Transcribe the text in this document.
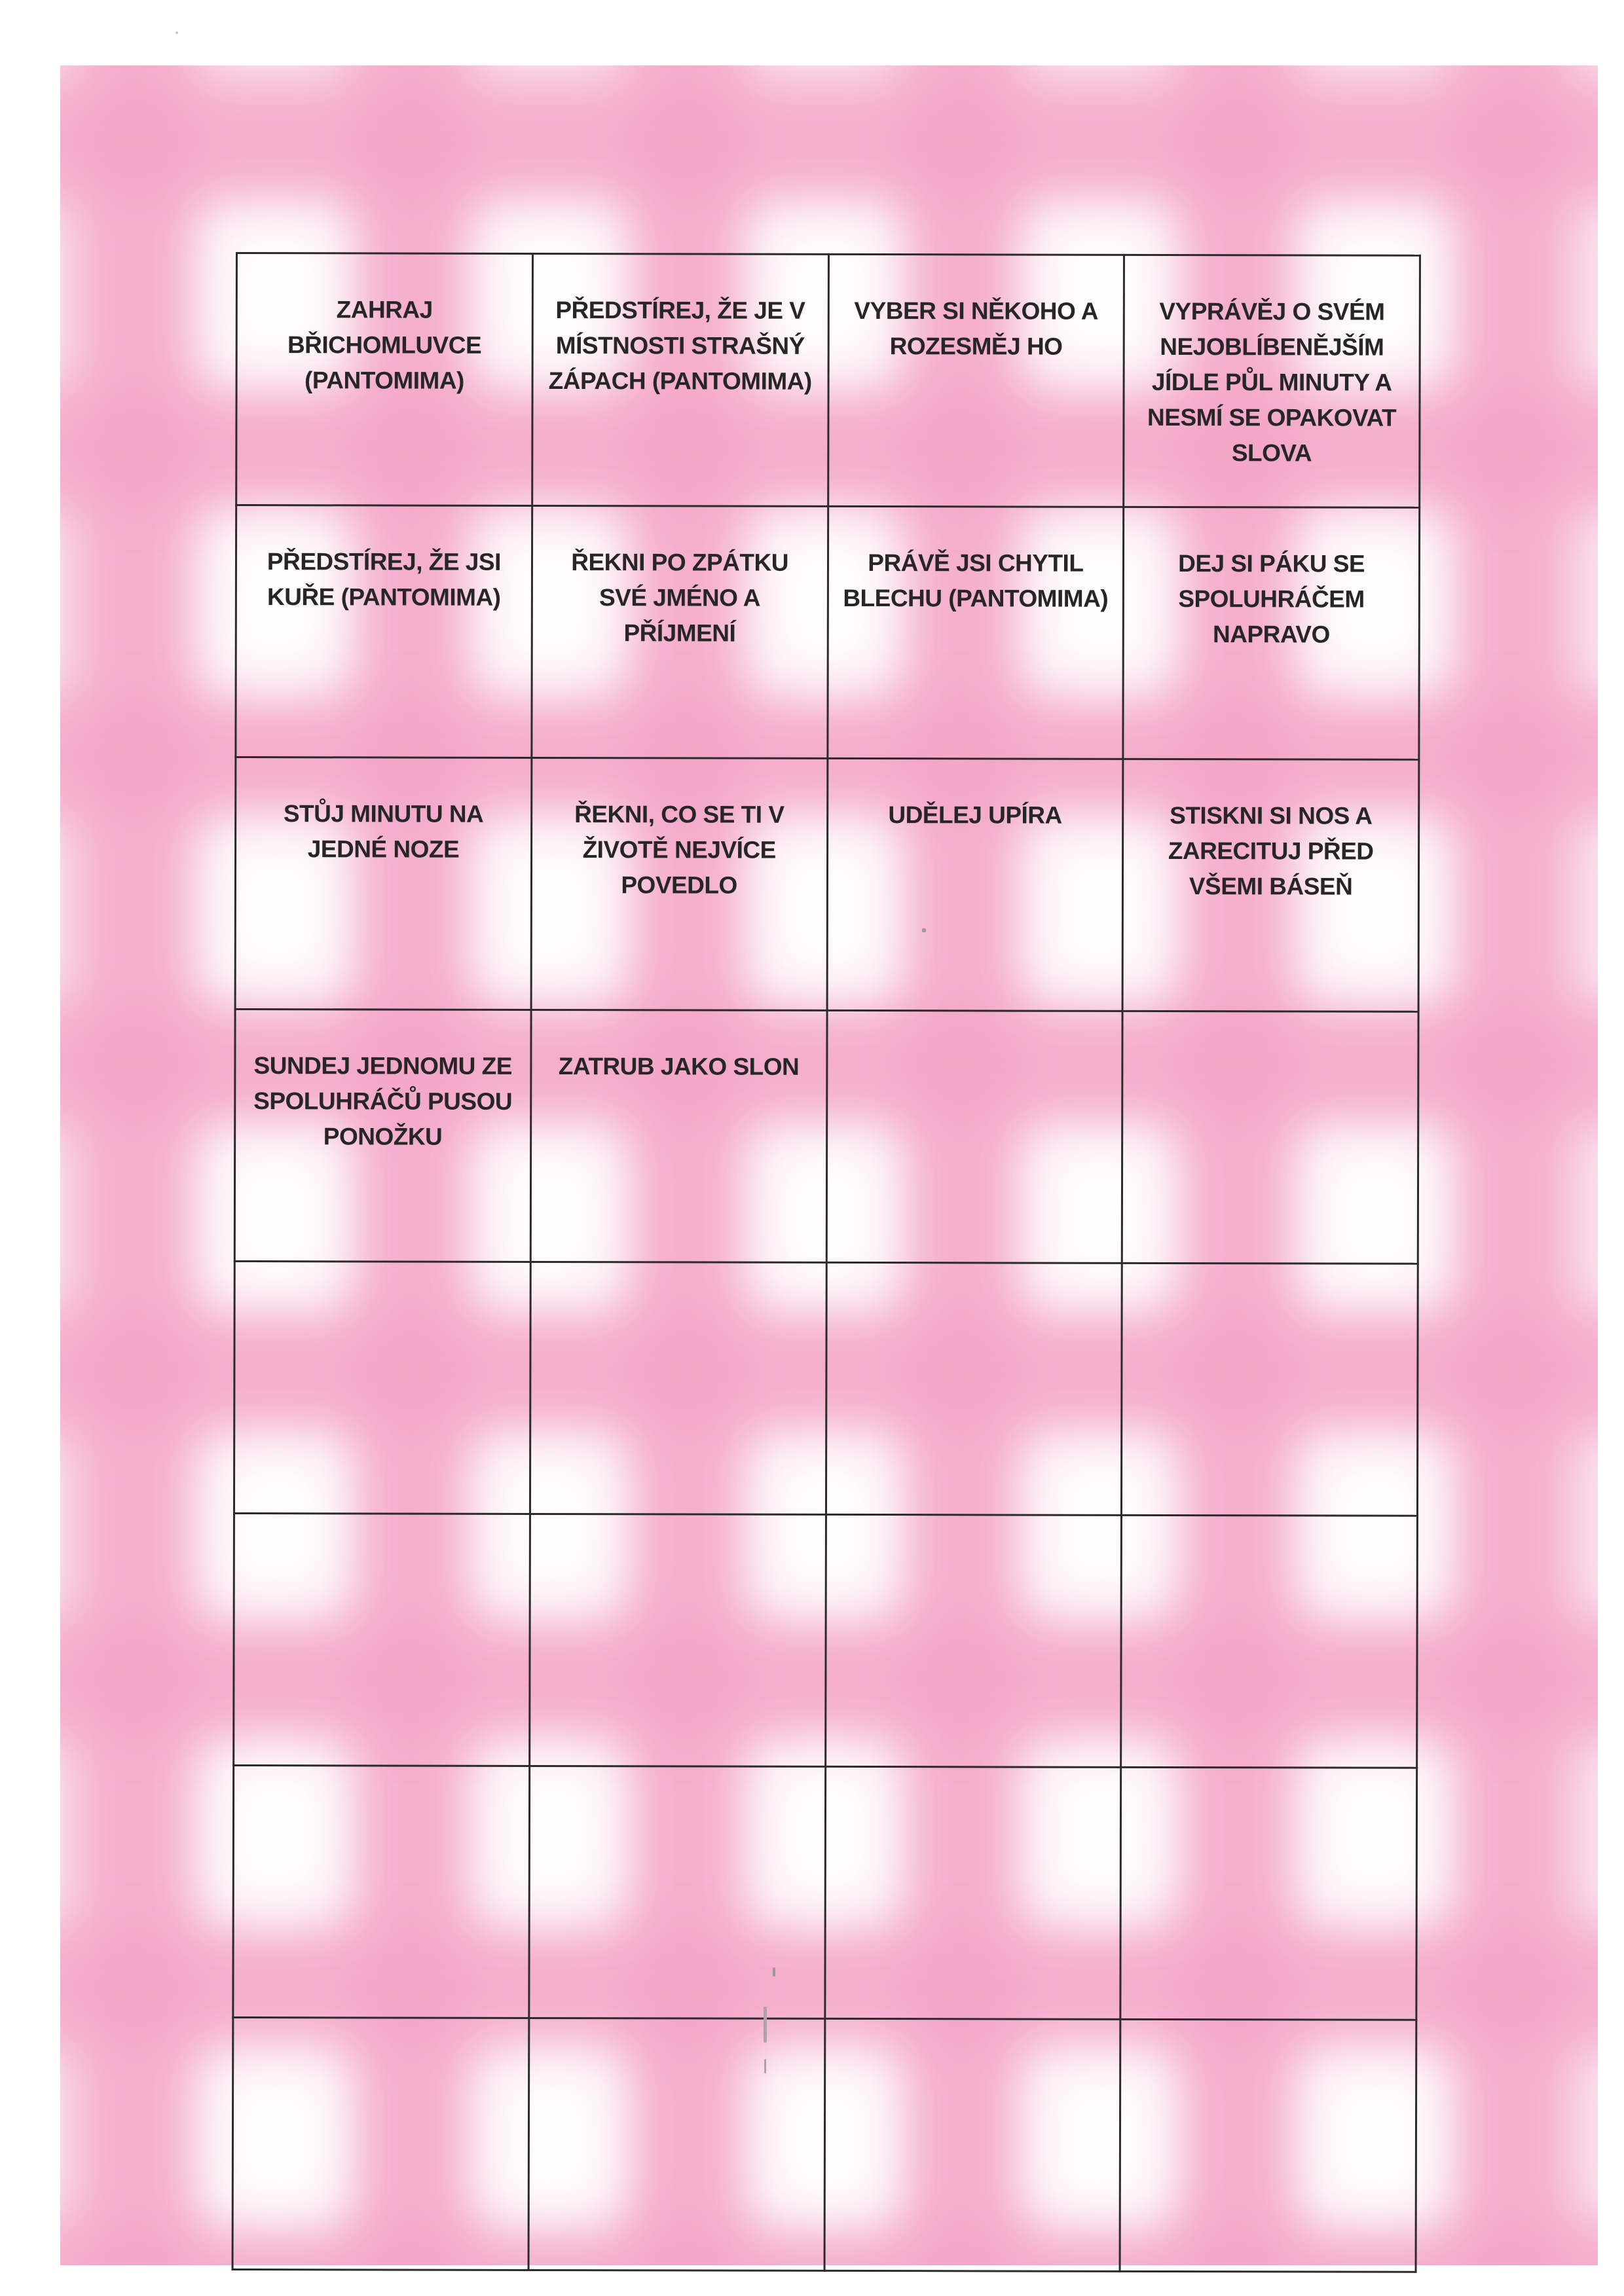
ZAHRAJ BŘICHOMLUVCE (PANTOMIMA)	PŘEDSTÍREJ, ŽE JE V MÍSTNOSTI STRAŠNÝ ZÁPACH (PANTOMIMA)	VYBER SI NĚKOHO A ROZESMĚJ HO	VYPRÁVĚJ O SVÉM NEJOBLÍBENĚJŠÍM JÍDLE PŮL MINUTY A NESMÍ SE OPAKOVAT SLOVA

PŘEDSTÍREJ, ŽE JSI KUŘE (PANTOMIMA)	ŘEKNI PO ZPÁTKU SVÉ JMÉNO A PŘÍJMENÍ	PRÁVĚ JSI CHYTIL BLECHU (PANTOMIMA)	DEJ SI PÁKU SE SPOLUHRÁČEM NAPRAVO

STŮJ MINUTU NA JEDNÉ NOZE	ŘEKNI, CO SE TI V ŽIVOTĚ NEJVÍCE POVEDLO	UDĚLEJ UPÍRA	STISKNI SI NOS A ZARECITUJ PŘED VŠEMI BÁSEŇ

SUNDEJ JEDNOMU ZE SPOLUHRÁČŮ PUSOU PONOŽKU	ZATRUB JAKO SLON		
